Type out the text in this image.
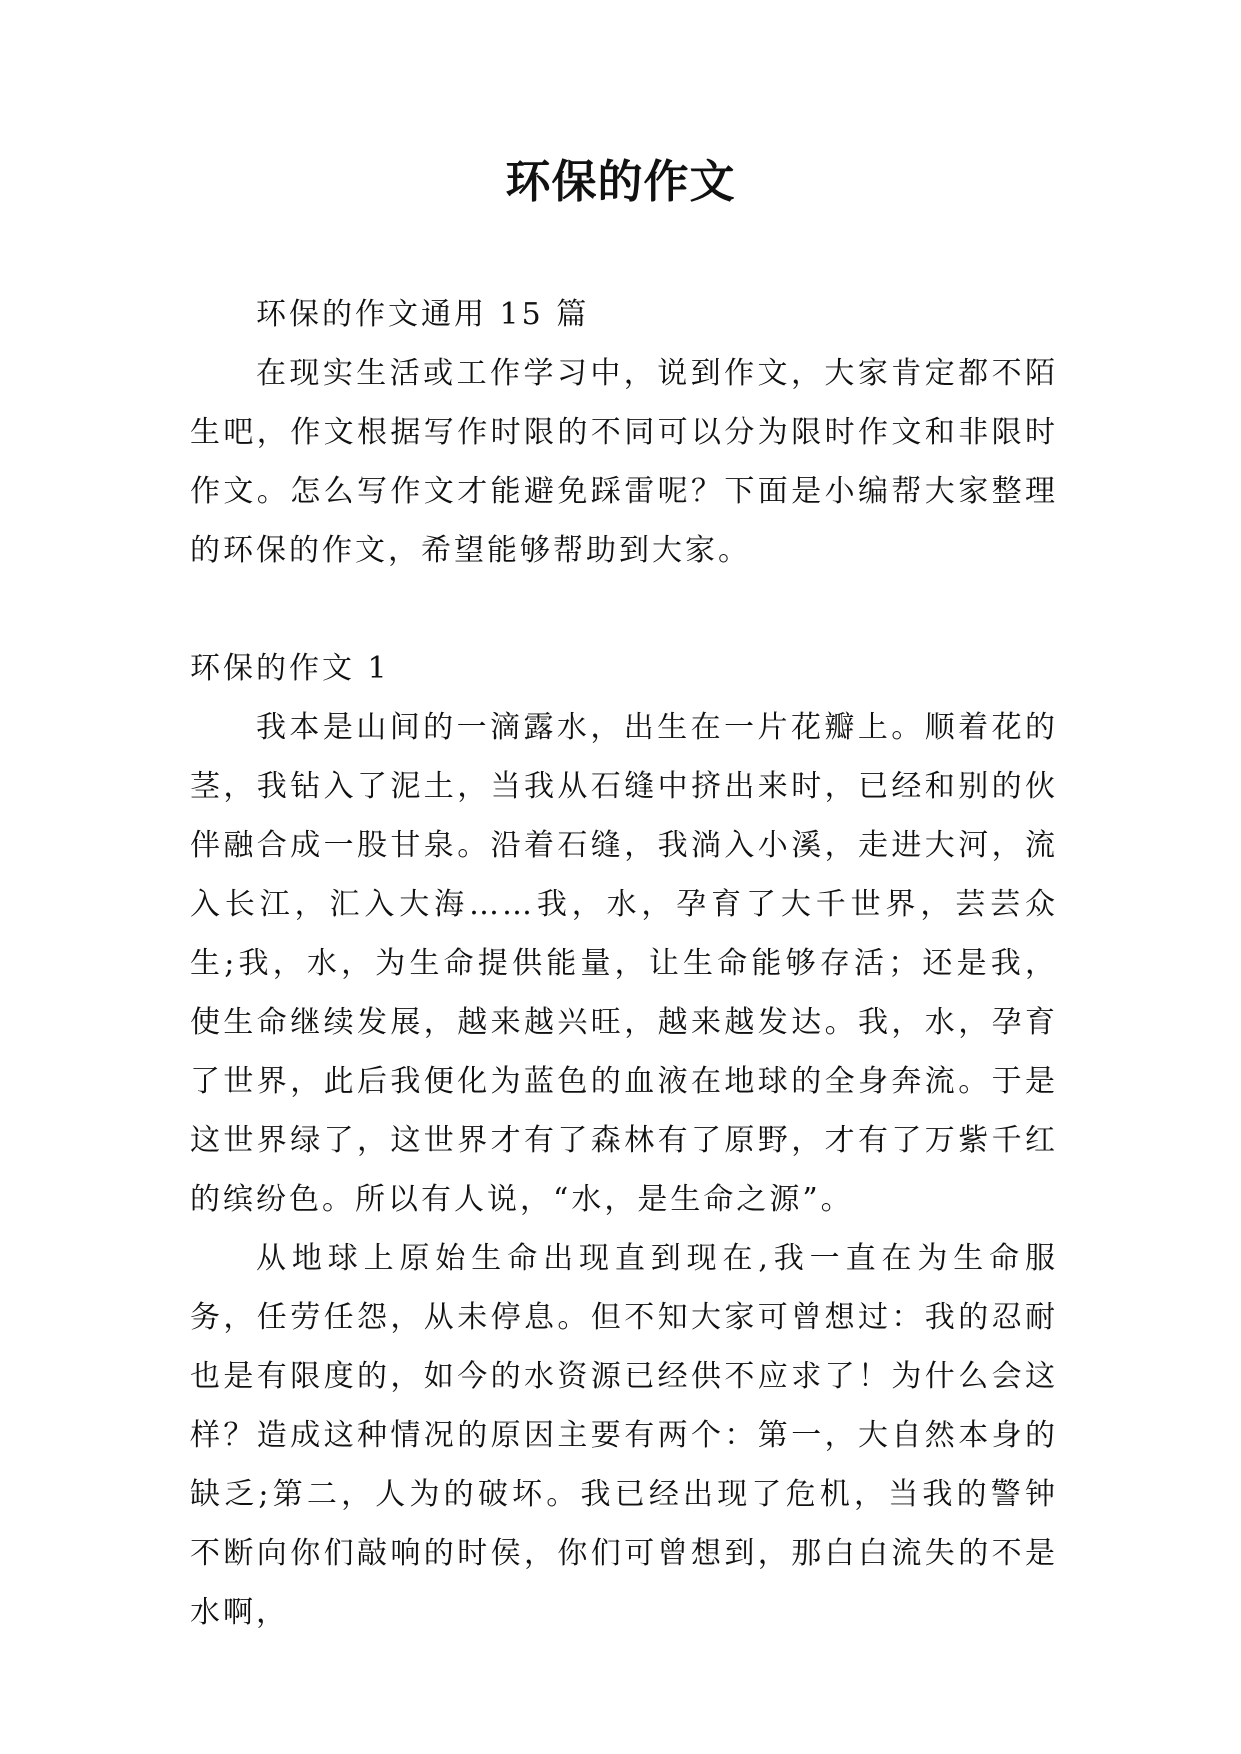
环保的作文

环保的作文通用 15 篇

在现实生活或工作学习中，说到作文，大家肯定都不陌生吧，作文根据写作时限的不同可以分为限时作文和非限时作文。怎么写作文才能避免踩雷呢？下面是小编帮大家整理的环保的作文，希望能够帮助到大家。

环保的作文 1

我本是山间的一滴露水，出生在一片花瓣上。顺着花的茎，我钻入了泥土，当我从石缝中挤出来时，已经和别的伙伴融合成一股甘泉。沿着石缝，我淌入小溪，走进大河，流入长江，汇入大海……我，水，孕育了大千世界，芸芸众生;我，水，为生命提供能量，让生命能够存活；还是我，使生命继续发展，越来越兴旺，越来越发达。我，水，孕育了世界，此后我便化为蓝色的血液在地球的全身奔流。于是这世界绿了，这世界才有了森林有了原野，才有了万紫千红的缤纷色。所以有人说，“水，是生命之源”。

从地球上原始生命出现直到现在,我一直在为生命服务，任劳任怨，从未停息。但不知大家可曾想过：我的忍耐也是有限度的，如今的水资源已经供不应求了！为什么会这样？造成这种情况的原因主要有两个：第一，大自然本身的缺乏;第二，人为的破坏。我已经出现了危机，当我的警钟不断向你们敲响的时侯，你们可曾想到，那白白流失的不是水啊，
